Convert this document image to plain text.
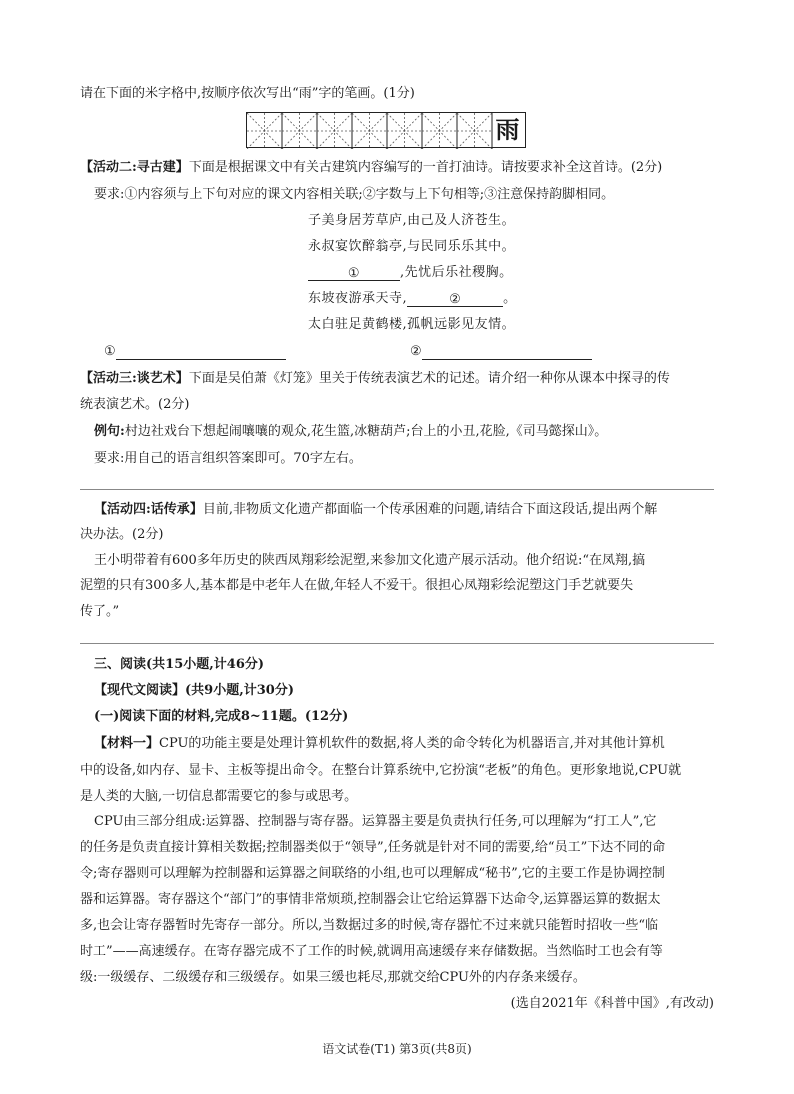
请在下面的米字格中,按顺序依次写出“雨”字的笔画。(1分)
雨
【活动二:寻古建】下面是根据课文中有关古建筑内容编写的一首打油诗。请按要求补全这首诗。(2分)
要求:①内容须与上下句对应的课文内容相关联;②字数与上下句相等;③注意保持韵脚相同。
子美身居芳草庐,由己及人济苍生。
永叔宴饮醉翁亭,与民同乐乐其中。
①	,先忧后乐社稷胸。
东坡夜游承天寺,	②	。
太白驻足黄鹤楼,孤帆远影见友情。
①	②
【活动三:谈艺术】下面是吴伯萧《灯笼》里关于传统表演艺术的记述。请介绍一种你从课本中探寻的传
统表演艺术。(2分)
例句:村边社戏台下想起闹嚷嚷的观众,花生篮,冰糖葫芦;台上的小丑,花脸,《司马懿探山》。
要求:用自己的语言组织答案即可。70字左右。
【活动四:话传承】目前,非物质文化遗产都面临一个传承困难的问题,请结合下面这段话,提出两个解
决办法。(2分)
王小明带着有600多年历史的陕西凤翔彩绘泥塑,来参加文化遗产展示活动。他介绍说:“在凤翔,搞
泥塑的只有300多人,基本都是中老年人在做,年轻人不爱干。很担心凤翔彩绘泥塑这门手艺就要失
传了。”
三、阅读(共15小题,计46分)
【现代文阅读】(共9小题,计30分)
(一)阅读下面的材料,完成8~11题。(12分)
【材料一】CPU的功能主要是处理计算机软件的数据,将人类的命令转化为机器语言,并对其他计算机
中的设备,如内存、显卡、主板等提出命令。在整台计算系统中,它扮演“老板”的角色。更形象地说,CPU就
是人类的大脑,一切信息都需要它的参与或思考。
CPU由三部分组成:运算器、控制器与寄存器。运算器主要是负责执行任务,可以理解为“打工人”,它
的任务是负责直接计算相关数据;控制器类似于“领导”,任务就是针对不同的需要,给“员工”下达不同的命
令;寄存器则可以理解为控制器和运算器之间联络的小组,也可以理解成“秘书”,它的主要工作是协调控制
器和运算器。寄存器这个“部门”的事情非常烦琐,控制器会让它给运算器下达命令,运算器运算的数据太
多,也会让寄存器暂时先寄存一部分。所以,当数据过多的时候,寄存器忙不过来就只能暂时招收一些“临
时工”——高速缓存。在寄存器完成不了工作的时候,就调用高速缓存来存储数据。当然临时工也会有等
级:一级缓存、二级缓存和三级缓存。如果三缓也耗尽,那就交给CPU外的内存条来缓存。
(选自2021年《科普中国》,有改动)
语文试卷(T1) 第3页(共8页)
